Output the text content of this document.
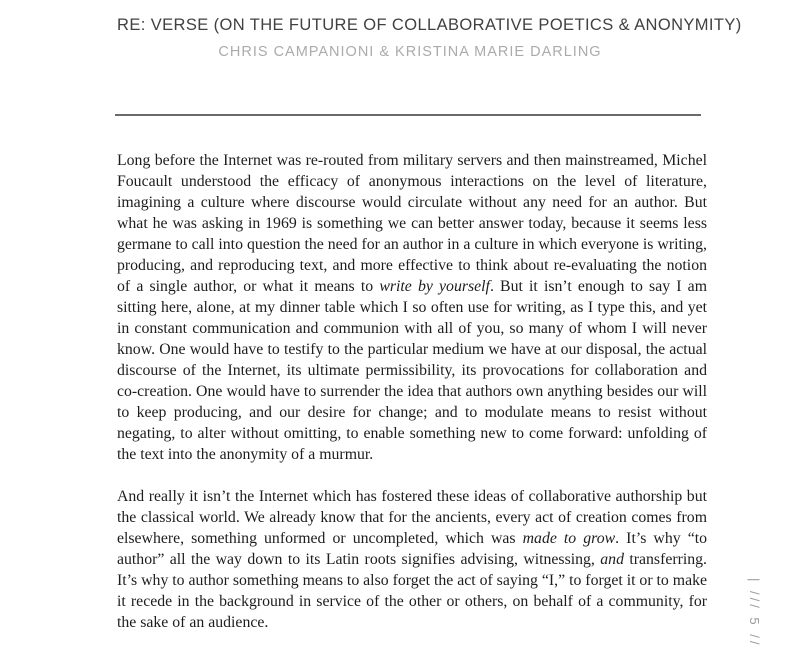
RE: VERSE (ON THE FUTURE OF COLLABORATIVE POETICS & ANONYMITY)
CHRIS CAMPANIONI & KRISTINA MARIE DARLING

Long before the Internet was re-routed from military servers and then mainstreamed, Michel Foucault understood the efficacy of anonymous interactions on the level of literature, imagining a culture where discourse would circulate without any need for an author. But what he was asking in 1969 is something we can better answer today, because it seems less germane to call into question the need for an author in a culture in which everyone is writing, producing, and reproducing text, and more effective to think about re-evaluating the notion of a single author, or what it means to write by yourself. But it isn’t enough to say I am sitting here, alone, at my dinner table which I so often use for writing, as I type this, and yet in constant communication and communion with all of you, so many of whom I will never know. One would have to testify to the particular medium we have at our disposal, the actual discourse of the Internet, its ultimate permissibility, its provocations for collaboration and co-creation. One would have to surrender the idea that authors own anything besides our will to keep producing, and our desire for change; and to modulate means to resist without negating, to alter without omitting, to enable something new to come forward: unfolding of the text into the anonymity of a murmur.

And really it isn’t the Internet which has fostered these ideas of collaborative authorship but the classical world. We already know that for the ancients, every act of creation comes from elsewhere, something unformed or uncompleted, which was made to grow. It’s why “to author” all the way down to its Latin roots signifies advising, witnessing, and transferring. It’s why to author something means to also forget the act of saying “I,” to forget it or to make it recede in the background in service of the other or others, on behalf of a community, for the sake of an audience.	| /// 5 //
